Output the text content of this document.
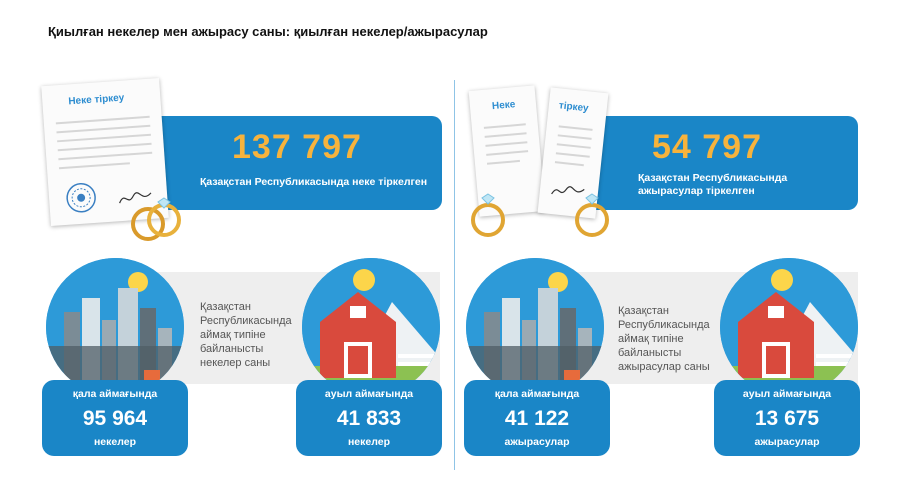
Қиылған некелер мен ажырасу саны: қиылған некелер/ажырасулар
137 797
Қазақстан Республикасында неке тіркелген
Неке тіркеу
Қазақстан
Республикасында
аймақ типіне
байланысты
некелер саны
қала аймағында
95 964
некелер
ауыл аймағында
41 833
некелер
54 797
Қазақстан Республикасында
ажырасулар тіркелген
Неке	тіркеу
Қазақстан
Республикасында
аймақ типіне
байланысты
ажырасулар саны
қала аймағында
41 122
ажырасулар
ауыл аймағында
13 675
ажырасулар
